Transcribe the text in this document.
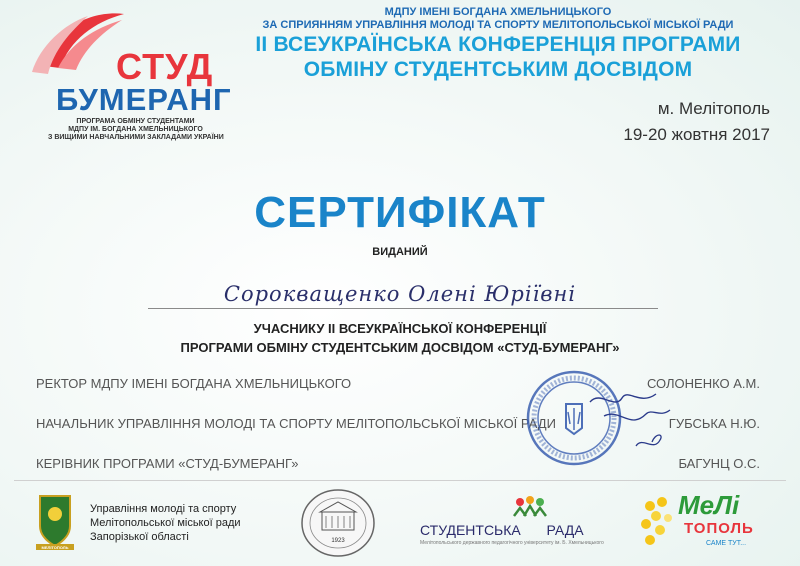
СТУД
БУМЕРАНГ
ПРОГРАМА ОБМІНУ СТУДЕНТАМИ
МДПУ ІМ. БОГДАНА ХМЕЛЬНИЦЬКОГО
З ВИЩИМИ НАВЧАЛЬНИМИ ЗАКЛАДАМИ УКРАЇНИ
МДПУ ІМЕНІ БОГДАНА ХМЕЛЬНИЦЬКОГО
ЗА СПРИЯННЯМ УПРАВЛІННЯ МОЛОДІ ТА СПОРТУ МЕЛІТОПОЛЬСЬКОЇ МІСЬКОЇ РАДИ
II ВСЕУКРАЇНСЬКА КОНФЕРЕНЦІЯ ПРОГРАМИ
ОБМІНУ СТУДЕНТСЬКИМ ДОСВІДОМ
м. Мелітополь
19-20 жовтня 2017
СЕРТИФІКАТ
ВИДАНИЙ
Сорокващенко Олені Юріївні
УЧАСНИКУ II ВСЕУКРАЇНСЬКОЇ КОНФЕРЕНЦІЇ
ПРОГРАМИ ОБМІНУ СТУДЕНТСЬКИМ ДОСВІДОМ «СТУД-БУМЕРАНГ»
РЕКТОР МДПУ ІМЕНІ БОГДАНА ХМЕЛЬНИЦЬКОГО	СОЛОНЕНКО А.М.
НАЧАЛЬНИК УПРАВЛІННЯ МОЛОДІ ТА СПОРТУ МЕЛІТОПОЛЬСЬКОЇ МІСЬКОЇ РАДИ	ГУБСЬКА Н.Ю.
КЕРІВНИК ПРОГРАМИ «СТУД-БУМЕРАНГ»	БАГУНЦ О.С.
МЕЛІТОПОЛЬ
Управління молоді та спорту
Мелітопольської міської ради
Запорізької області	1923
СТУДЕНТСЬКА РАДА
Мелітопольського державного педагогічного університету ім. Б. Хмельницького
МеЛі
ТОПОЛЬ
САМЕ ТУТ...
